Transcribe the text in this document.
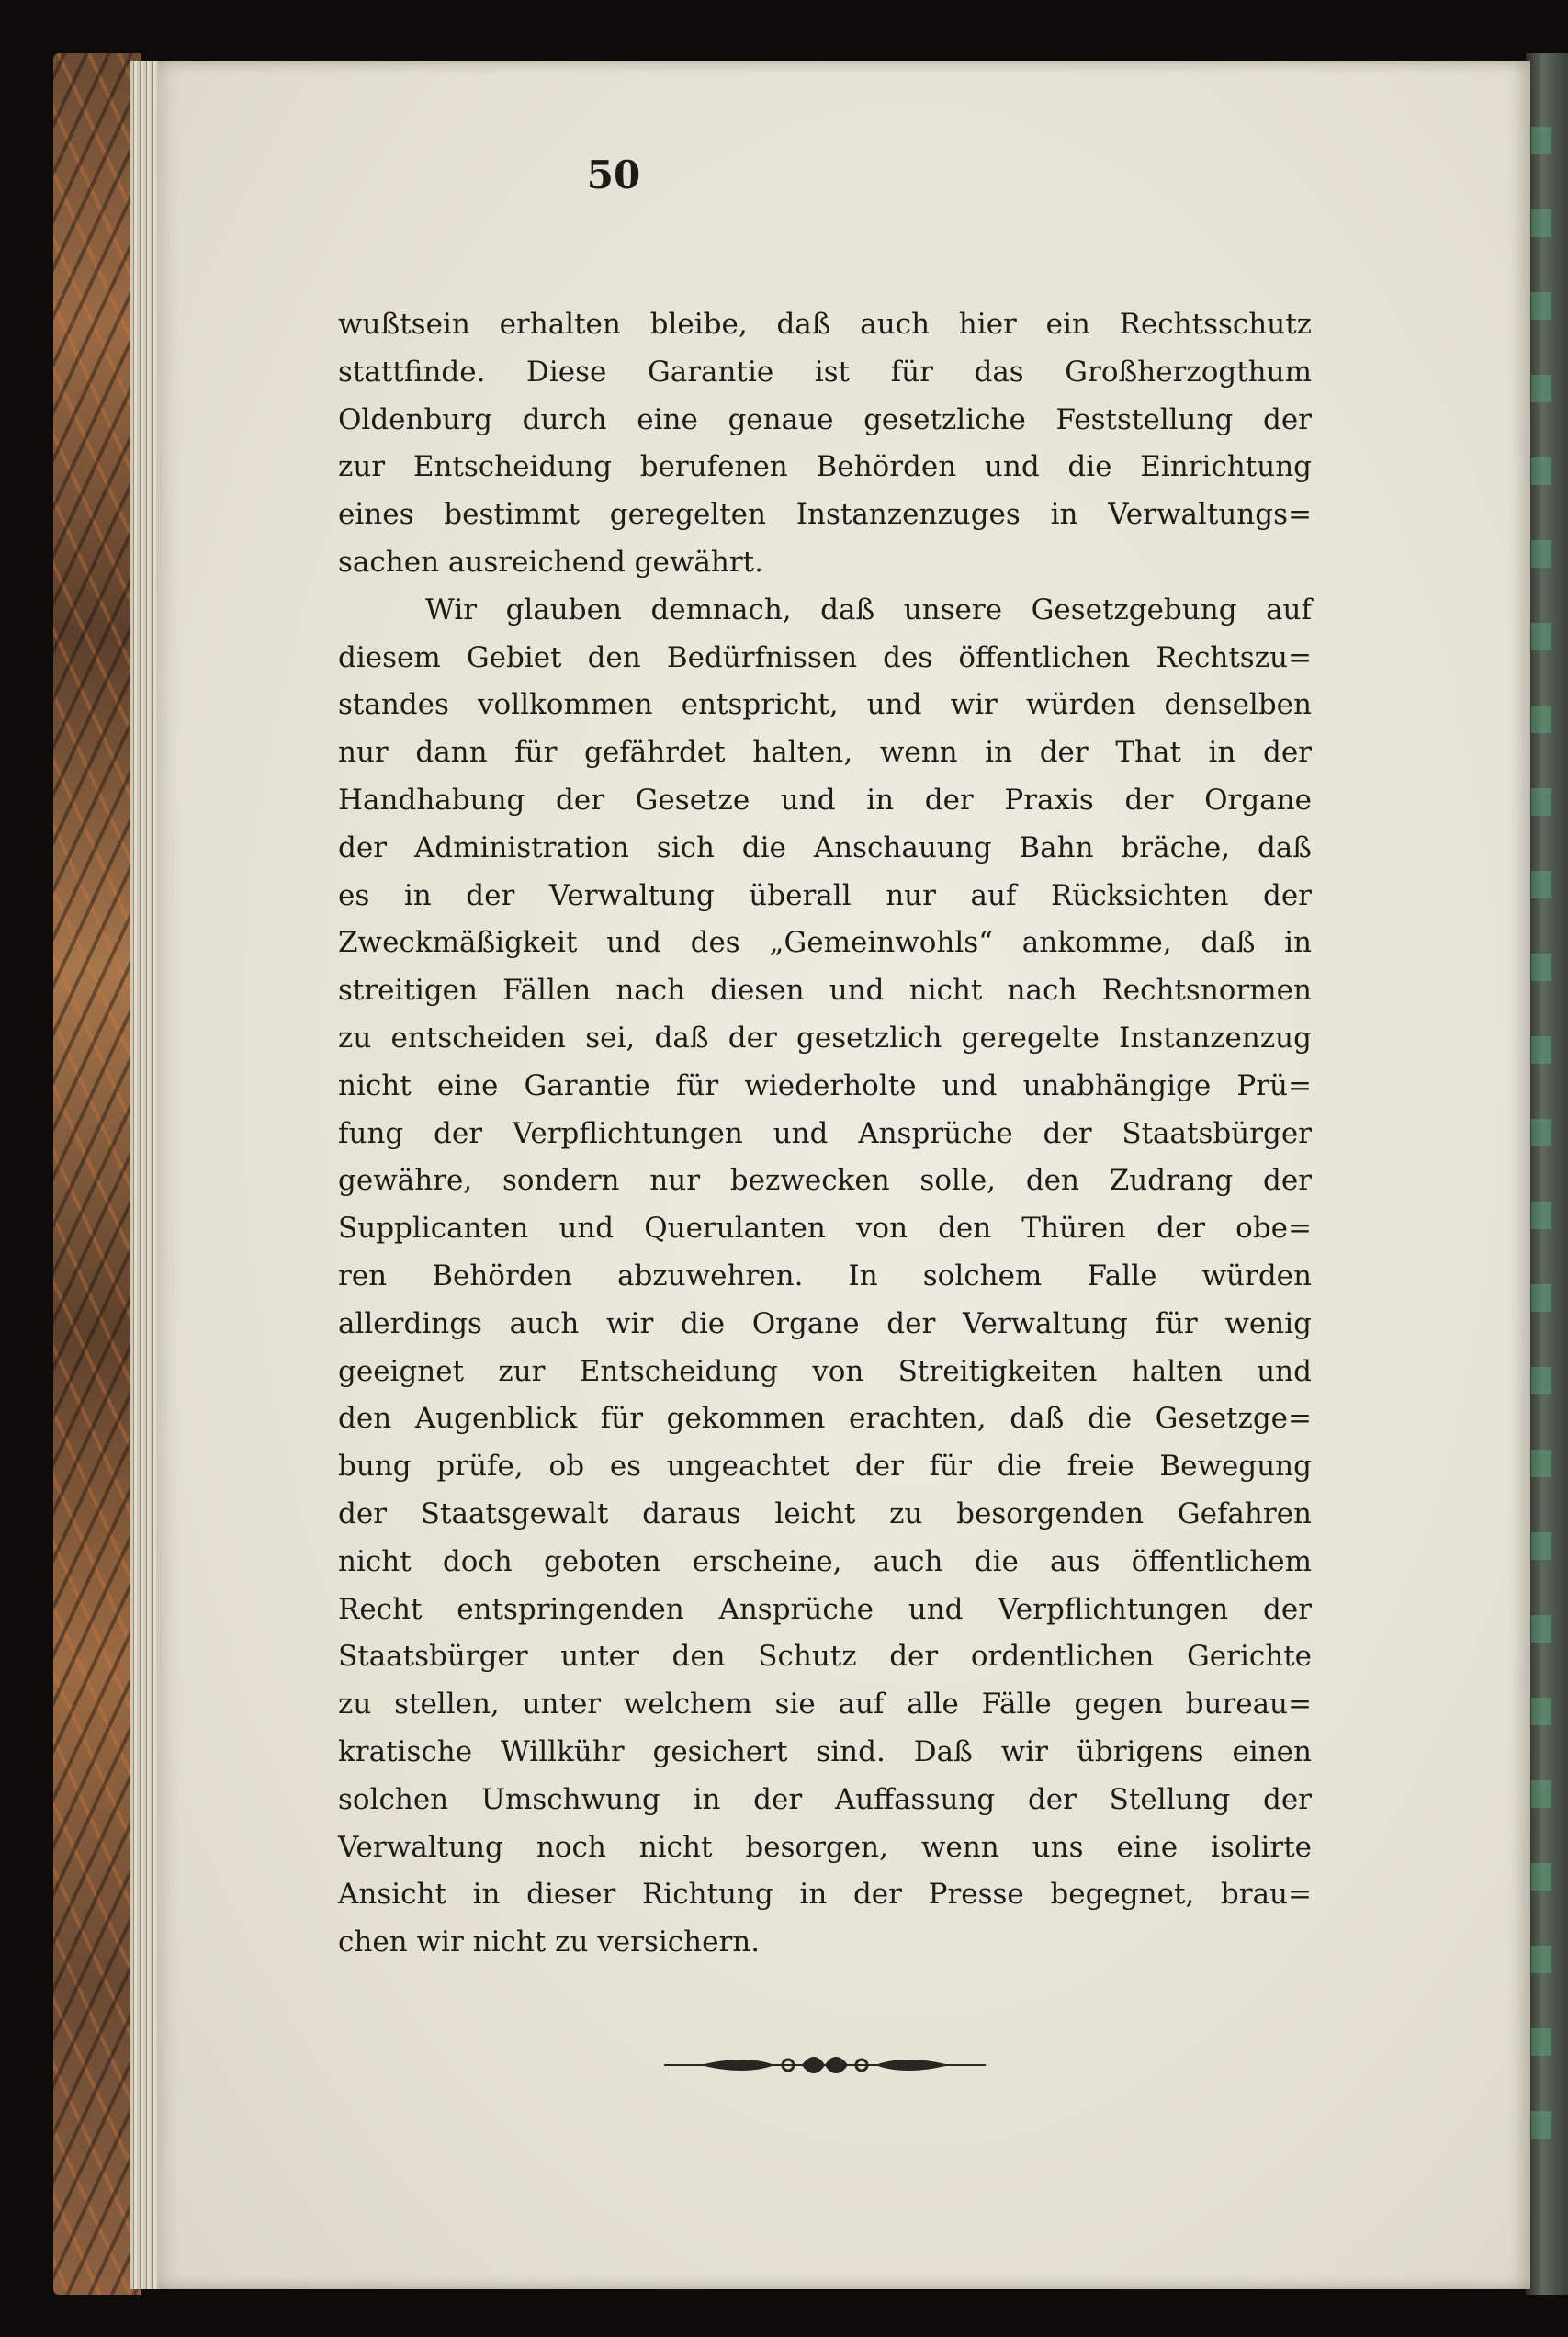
50
wußtsein erhalten bleibe, daß auch hier ein Rechtsschutz
stattfinde. Diese Garantie ist für das Großherzogthum
Oldenburg durch eine genaue gesetzliche Feststellung der
zur Entscheidung berufenen Behörden und die Einrichtung
eines bestimmt geregelten Instanzenzuges in Verwaltungs=
sachen ausreichend gewährt.
Wir glauben demnach, daß unsere Gesetzgebung auf
diesem Gebiet den Bedürfnissen des öffentlichen Rechtszu=
standes vollkommen entspricht, und wir würden denselben
nur dann für gefährdet halten, wenn in der That in der
Handhabung der Gesetze und in der Praxis der Organe
der Administration sich die Anschauung Bahn bräche, daß
es in der Verwaltung überall nur auf Rücksichten der
Zweckmäßigkeit und des „Gemeinwohls“ ankomme, daß in
streitigen Fällen nach diesen und nicht nach Rechtsnormen
zu entscheiden sei, daß der gesetzlich geregelte Instanzenzug
nicht eine Garantie für wiederholte und unabhängige Prü=
fung der Verpflichtungen und Ansprüche der Staatsbürger
gewähre, sondern nur bezwecken solle, den Zudrang der
Supplicanten und Querulanten von den Thüren der obe=
ren Behörden abzuwehren. In solchem Falle würden
allerdings auch wir die Organe der Verwaltung für wenig
geeignet zur Entscheidung von Streitigkeiten halten und
den Augenblick für gekommen erachten, daß die Gesetzge=
bung prüfe, ob es ungeachtet der für die freie Bewegung
der Staatsgewalt daraus leicht zu besorgenden Gefahren
nicht doch geboten erscheine, auch die aus öffentlichem
Recht entspringenden Ansprüche und Verpflichtungen der
Staatsbürger unter den Schutz der ordentlichen Gerichte
zu stellen, unter welchem sie auf alle Fälle gegen bureau=
kratische Willkühr gesichert sind. Daß wir übrigens einen
solchen Umschwung in der Auffassung der Stellung der
Verwaltung noch nicht besorgen, wenn uns eine isolirte
Ansicht in dieser Richtung in der Presse begegnet, brau=
chen wir nicht zu versichern.
